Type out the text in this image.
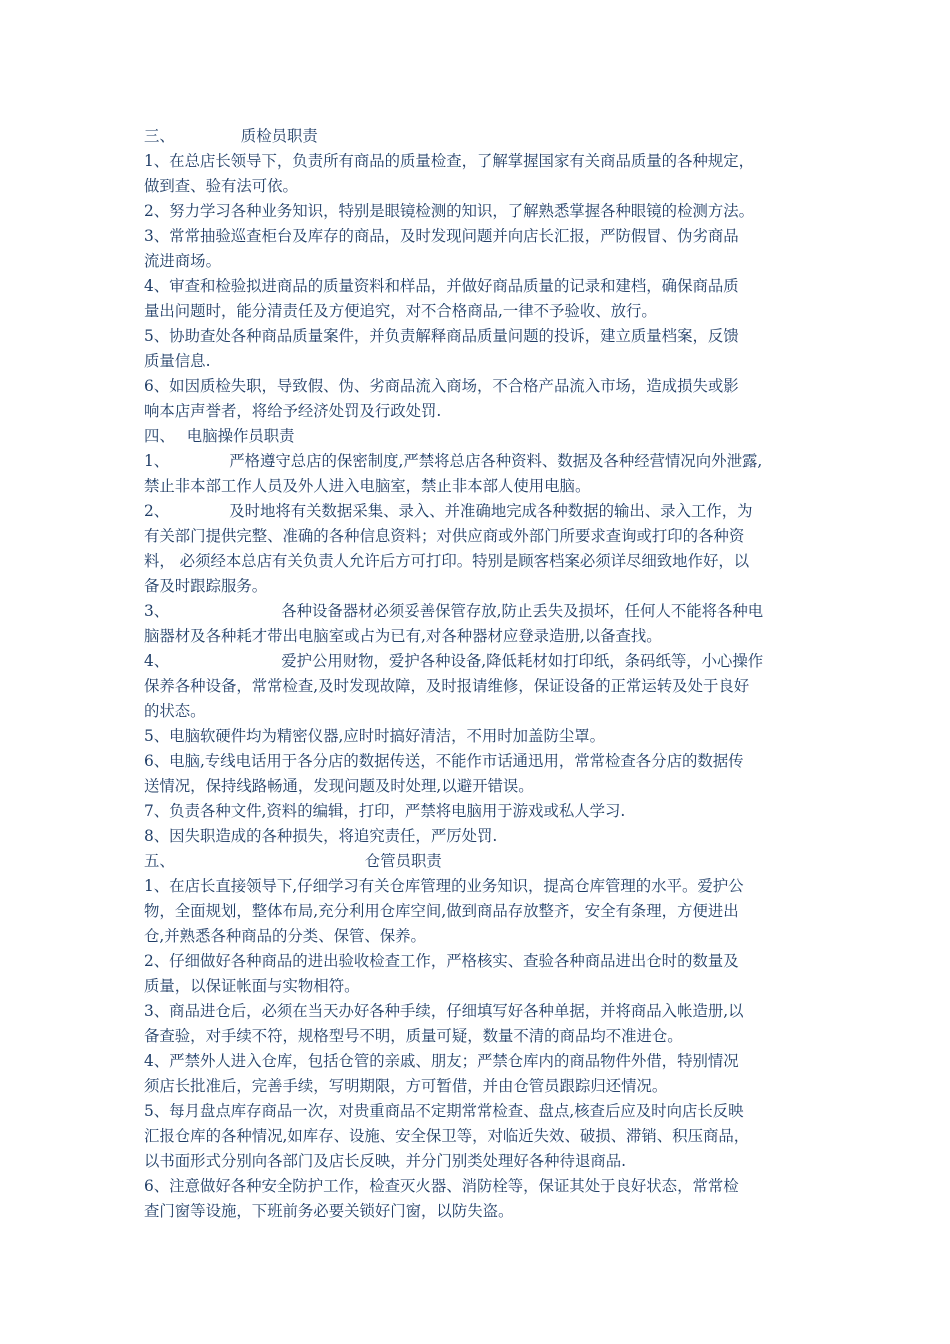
三、	质检员职责
1、在总店长领导下，负责所有商品的质量检查，了解掌握国家有关商品质量的各种规定，
做到查、验有法可依。
2、努力学习各种业务知识，特别是眼镜检测的知识，了解熟悉掌握各种眼镜的检测方法。
3、常常抽验巡查柜台及库存的商品，及时发现问题并向店长汇报，严防假冒、伪劣商品
流进商场。
4、审查和检验拟进商品的质量资料和样品，并做好商品质量的记录和建档，确保商品质
量出问题时，能分清责任及方便追究，对不合格商品,一律不予验收、放行。
5、协助查处各种商品质量案件，并负责解释商品质量问题的投诉，建立质量档案，反馈
质量信息.
6、如因质检失职，导致假、伪、劣商品流入商场，不合格产品流入市场，造成损失或影
响本店声誉者，将给予经济处罚及行政处罚.
四、 电脑操作员职责
1、	严格遵守总店的保密制度,严禁将总店各种资料、数据及各种经营情况向外泄露,
禁止非本部工作人员及外人进入电脑室，禁止非本部人使用电脑。
2、	及时地将有关数据采集、录入、并准确地完成各种数据的输出、录入工作，为
有关部门提供完整、准确的各种信息资料；对供应商或外部门所要求查询或打印的各种资
料， 必须经本总店有关负责人允许后方可打印。特别是顾客档案必须详尽细致地作好，以
备及时跟踪服务。
3、	各种设备器材必须妥善保管存放,防止丢失及损坏，任何人不能将各种电
脑器材及各种耗才带出电脑室或占为已有,对各种器材应登录造册,以备查找。
4、	爱护公用财物，爱护各种设备,降低耗材如打印纸，条码纸等，小心操作
保养各种设备，常常检查,及时发现故障，及时报请维修，保证设备的正常运转及处于良好
的状态。
5、电脑软硬件均为精密仪器,应时时搞好清洁，不用时加盖防尘罩。
6、电脑,专线电话用于各分店的数据传送，不能作市话通迅用，常常检查各分店的数据传
送情况，保持线路畅通，发现问题及时处理,以避开错误。
7、负责各种文件,资料的编辑，打印，严禁将电脑用于游戏或私人学习.
8、因失职造成的各种损失，将追究责任，严厉处罚.
五、	仓管员职责
1、在店长直接领导下,仔细学习有关仓库管理的业务知识，提高仓库管理的水平。爱护公
物，全面规划，整体布局,充分利用仓库空间,做到商品存放整齐，安全有条理，方便进出
仓,并熟悉各种商品的分类、保管、保养。
2、仔细做好各种商品的进出验收检查工作，严格核实、查验各种商品进出仓时的数量及
质量，以保证帐面与实物相符。
3、商品进仓后，必须在当天办好各种手续，仔细填写好各种单据，并将商品入帐造册,以
备查验，对手续不符，规格型号不明，质量可疑，数量不清的商品均不准进仓。
4、严禁外人进入仓库，包括仓管的亲戚、朋友；严禁仓库内的商品物件外借，特别情况
须店长批准后，完善手续，写明期限，方可暂借，并由仓管员跟踪归还情况。
5、每月盘点库存商品一次，对贵重商品不定期常常检查、盘点,核查后应及时向店长反映
汇报仓库的各种情况,如库存、设施、安全保卫等，对临近失效、破损、滞销、积压商品，
以书面形式分别向各部门及店长反映，并分门别类处理好各种待退商品.
6、注意做好各种安全防护工作，检查灭火器、消防栓等，保证其处于良好状态，常常检
查门窗等设施，下班前务必要关锁好门窗，以防失盗。
